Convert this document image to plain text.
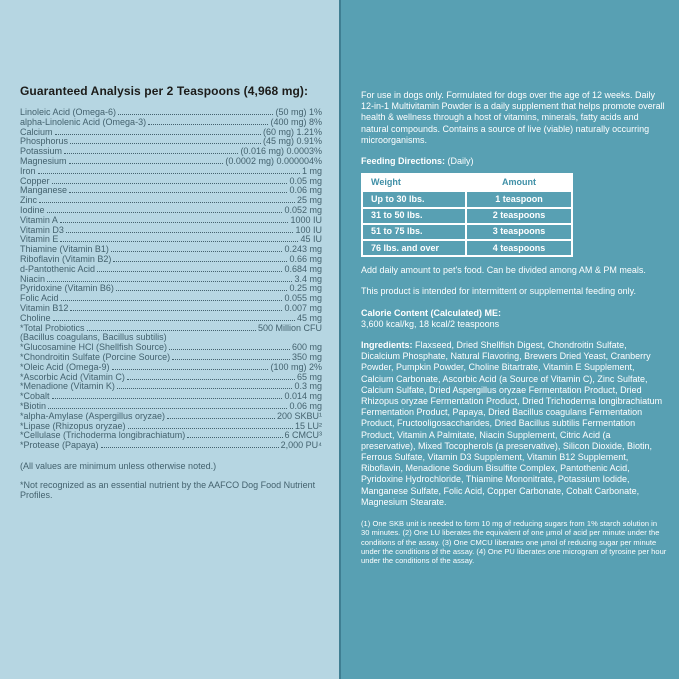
Guaranteed Analysis per 2 Teaspoons (4,968 mg):
Linoleic Acid (Omega-6)	(50 mg) 1%
alpha-Linolenic Acid (Omega-3)	(400 mg) 8%
Calcium	(60 mg) 1.21%
Phosphorus	(45 mg) 0.91%
Potassium	(0.016 mg) 0.0003%
Magnesium	(0.0002 mg) 0.000004%
Iron	1 mg
Copper	0.05 mg
Manganese	0.06 mg
Zinc	25 mg
Iodine	0.052 mg
Vitamin A	1000 IU
Vitamin D3	100 IU
Vitamin E	45 IU
Thiamine (Vitamin B1)	0.243 mg
Riboflavin (Vitamin B2)	0.66 mg
d-Pantothenic Acid	0.684 mg
Niacin	3.4 mg
Pyridoxine (Vitamin B6)	0.25 mg
Folic Acid	0.055 mg
Vitamin B12	0.007 mg
Choline	45 mg
*Total Probiotics	500 Million CFU
(Bacillus coagulans, Bacillus subtilis)
*Glucosamine HCl (Shellfish Source)	600 mg
*Chondroitin Sulfate (Porcine Source)	350 mg
*Oleic Acid (Omega-9)	(100 mg) 2%
*Ascorbic Acid (Vitamin C)	65 mg
*Menadione (Vitamin K)	0.3 mg
*Cobalt	0.014 mg
*Biotin	0.06 mg
*alpha-Amylase (Aspergillus oryzae)	200 SKBU¹
*Lipase (Rhizopus oryzae)	15 LU²
*Cellulase (Trichoderma longibrachiatum)	6 CMCU³
*Protease (Papaya)	2,000 PU⁴
(All values are minimum unless otherwise noted.)
*Not recognized as an essential nutrient by the AAFCO Dog Food Nutrient Profiles.

For use in dogs only. Formulated for dogs over the age of 12 weeks. Daily 12-in-1 Multivitamin Powder is a daily supplement that helps promote overall health & wellness through a host of vitamins, minerals, fatty acids and natural compounds. Contains a source of live (viable) naturally occurring microorganisms.

Feeding Directions: (Daily)

Weight	Amount
Up to 30 lbs.	1 teaspoon
31 to 50 lbs.	2 teaspoons
51 to 75 lbs.	3 teaspoons
76 lbs. and over	4 teaspoons

Add daily amount to pet's food. Can be divided among AM & PM meals.

This product is intended for intermittent or supplemental feeding only.

Calorie Content (Calculated) ME:

3,600 kcal/kg, 18 kcal/2 teaspoons

Ingredients: Flaxseed, Dried Shellfish Digest, Chondroitin Sulfate, Dicalcium Phosphate, Natural Flavoring, Brewers Dried Yeast, Cranberry Powder, Pumpkin Powder, Choline Bitartrate, Vitamin E Supplement, Calcium Carbonate, Ascorbic Acid (a Source of Vitamin C), Zinc Sulfate, Calcium Sulfate, Dried Aspergillus oryzae Fermentation Product, Dried Rhizopus oryzae Fermentation Product, Dried Trichoderma longibrachiatum Fermentation Product, Papaya, Dried Bacillus coagulans Fermentation Product, Fructooligosaccharides, Dried Bacillus subtilis Fermentation Product, Vitamin A Palmitate, Niacin Supplement, Citric Acid (a preservative), Mixed Tocopherols (a preservative), Silicon Dioxide, Biotin, Ferrous Sulfate, Vitamin D3 Supplement, Vitamin B12 Supplement, Riboflavin, Menadione Sodium Bisulfite Complex, Pantothenic Acid, Pyridoxine Hydrochloride, Thiamine Mononitrate, Potassium Iodide, Manganese Sulfate, Folic Acid, Copper Carbonate, Cobalt Carbonate, Magnesium Stearate.

(1) One SKB unit is needed to form 10 mg of reducing sugars from 1% starch solution in 30 minutes. (2) One LU liberates the equivalent of one µmol of acid per minute under the conditions of the assay. (3) One CMCU liberates one µmol of reducing sugar per minute under the conditions of the assay. (4) One PU liberates one microgram of tyrosine per hour under the conditions of the assay.
